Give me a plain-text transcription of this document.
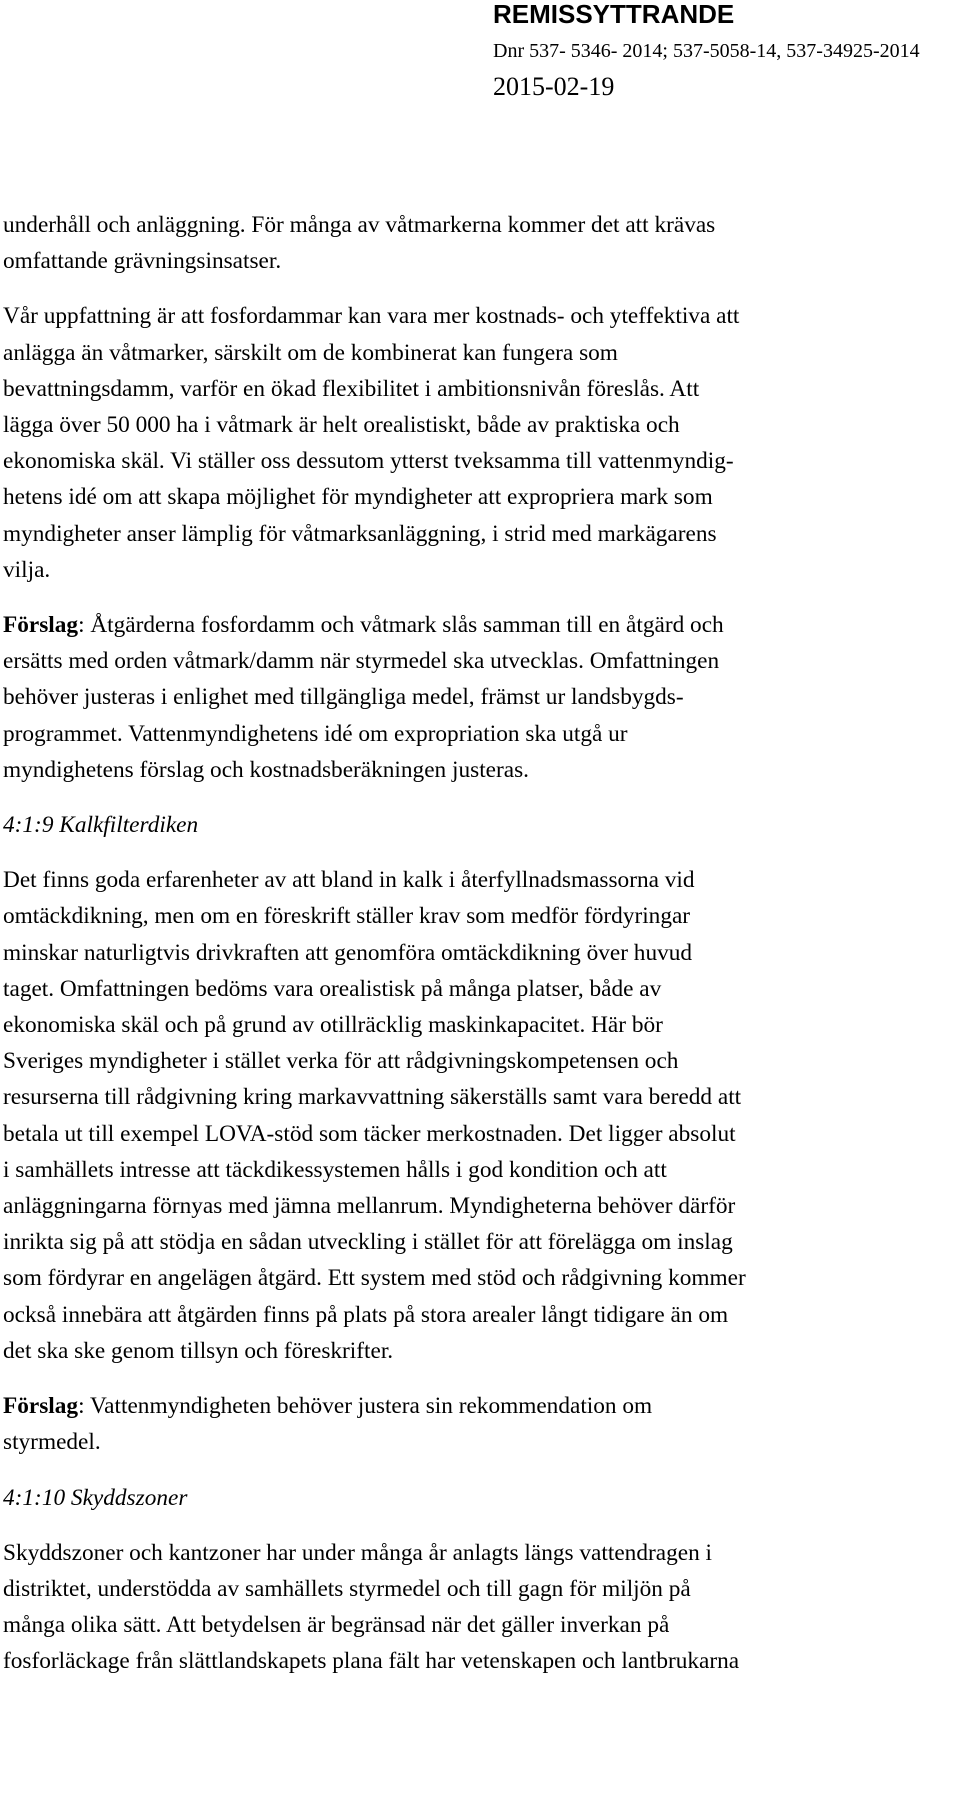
REMISSYTTRANDE
Dnr 537- 5346- 2014; 537-5058-14, 537-34925-2014
2015-02-19

underhåll och anläggning. För många av våtmarkerna kommer det att krävas
omfattande grävningsinsatser.

Vår uppfattning är att fosfordammar kan vara mer kostnads- och yteffektiva att
anlägga än våtmarker, särskilt om de kombinerat kan fungera som
bevattningsdamm, varför en ökad flexibilitet i ambitionsnivån föreslås. Att
lägga över 50 000 ha i våtmark är helt orealistiskt, både av praktiska och
ekonomiska skäl. Vi ställer oss dessutom ytterst tveksamma till vattenmyndig-
hetens idé om att skapa möjlighet för myndigheter att expropriera mark som
myndigheter anser lämplig för våtmarksanläggning, i strid med markägarens
vilja.

Förslag: Åtgärderna fosfordamm och våtmark slås samman till en åtgärd och
ersätts med orden våtmark/damm när styrmedel ska utvecklas. Omfattningen
behöver justeras i enlighet med tillgängliga medel, främst ur landsbygds-
programmet. Vattenmyndighetens idé om expropriation ska utgå ur
myndighetens förslag och kostnadsberäkningen justeras.

4:1:9 Kalkfilterdiken

Det finns goda erfarenheter av att bland in kalk i återfyllnadsmassorna vid
omtäckdikning, men om en föreskrift ställer krav som medför fördyringar
minskar naturligtvis drivkraften att genomföra omtäckdikning över huvud
taget. Omfattningen bedöms vara orealistisk på många platser, både av
ekonomiska skäl och på grund av otillräcklig maskinkapacitet. Här bör
Sveriges myndigheter i stället verka för att rådgivningskompetensen och
resurserna till rådgivning kring markavvattning säkerställs samt vara beredd att
betala ut till exempel LOVA-stöd som täcker merkostnaden. Det ligger absolut
i samhällets intresse att täckdikessystemen hålls i god kondition och att
anläggningarna förnyas med jämna mellanrum. Myndigheterna behöver därför
inrikta sig på att stödja en sådan utveckling i stället för att förelägga om inslag
som fördyrar en angelägen åtgärd. Ett system med stöd och rådgivning kommer
också innebära att åtgärden finns på plats på stora arealer långt tidigare än om
det ska ske genom tillsyn och föreskrifter.

Förslag: Vattenmyndigheten behöver justera sin rekommendation om
styrmedel.

4:1:10 Skyddszoner

Skyddszoner och kantzoner har under många år anlagts längs vattendragen i
distriktet, understödda av samhällets styrmedel och till gagn för miljön på
många olika sätt. Att betydelsen är begränsad när det gäller inverkan på
fosforläckage från slättlandskapets plana fält har vetenskapen och lantbrukarna
